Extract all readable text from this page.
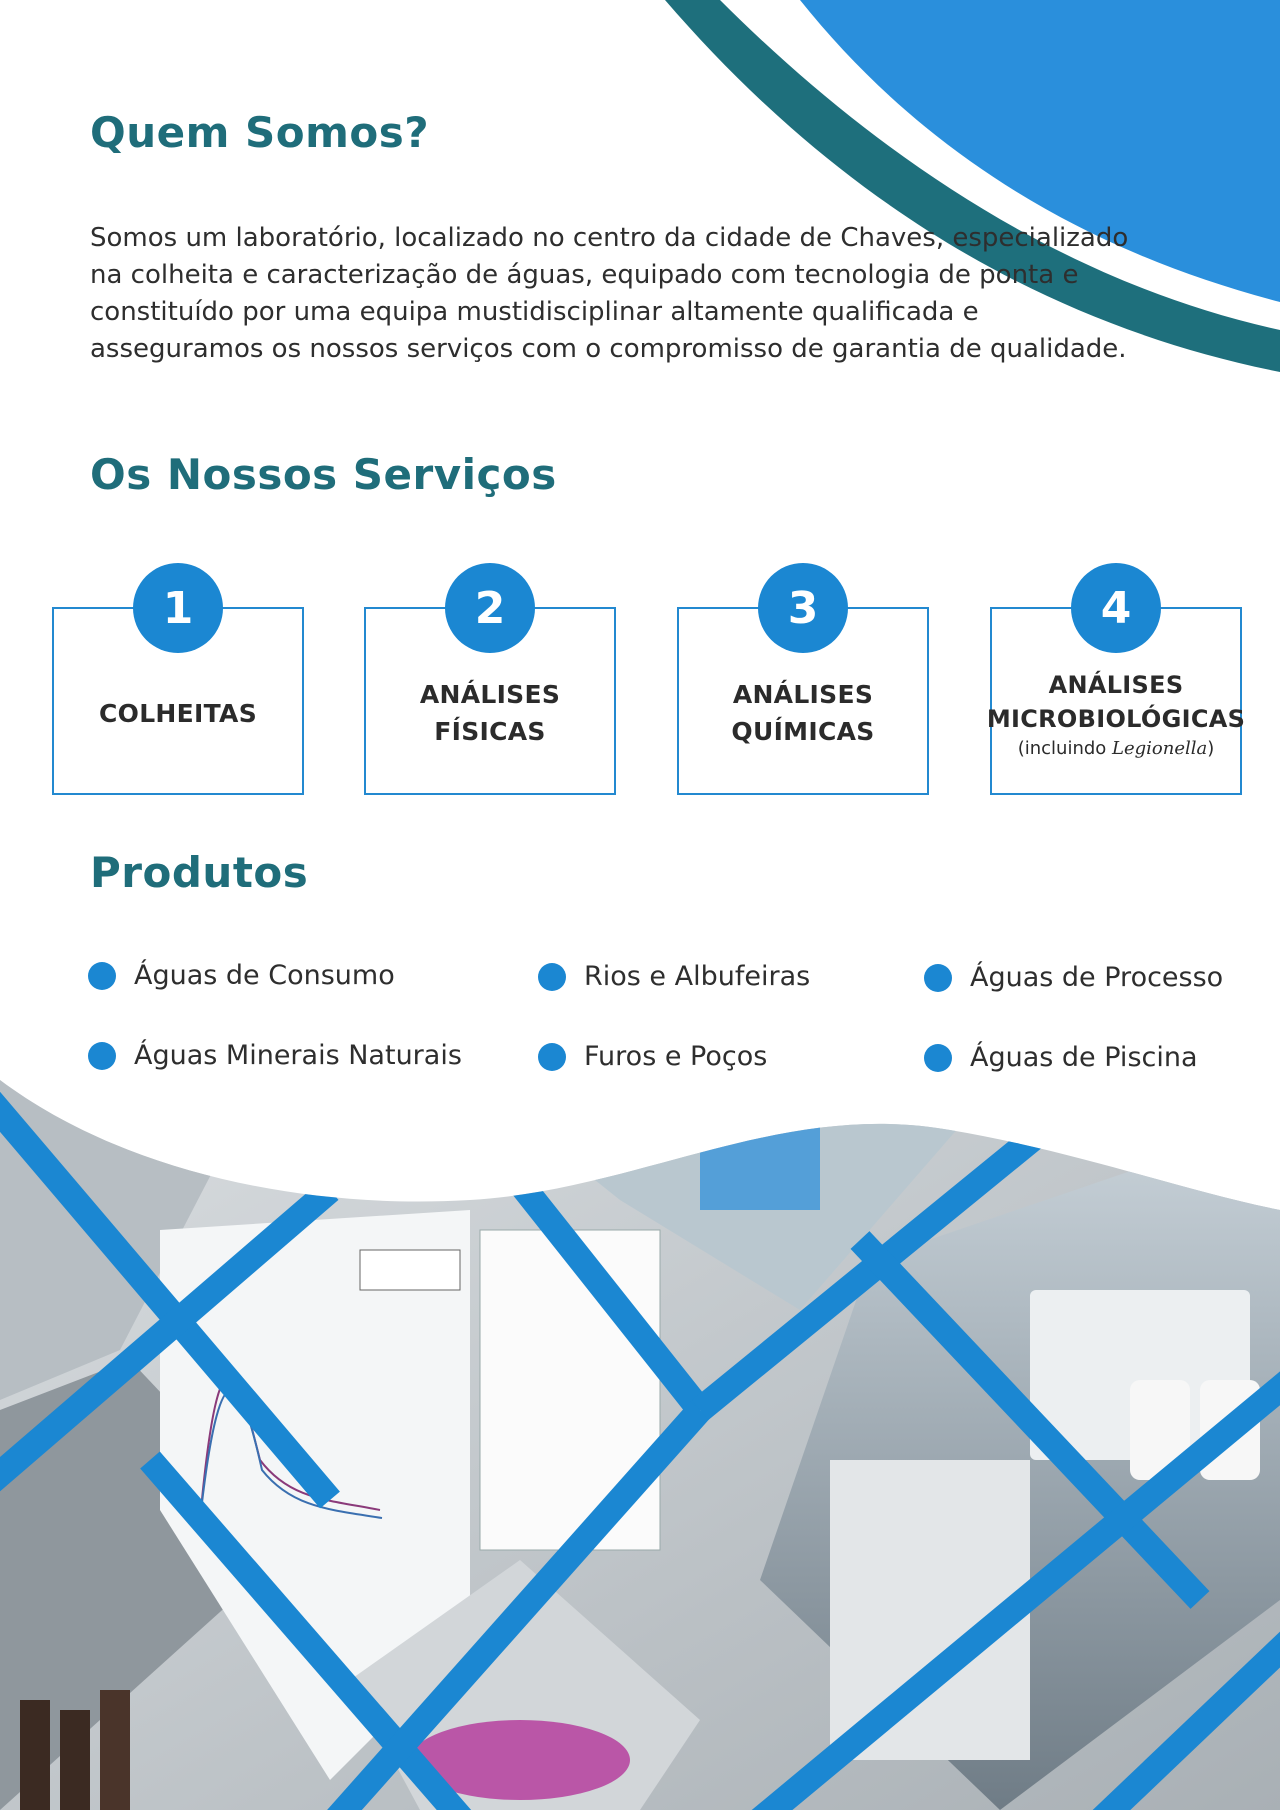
Quem Somos?

Somos um laboratório, localizado no centro da cidade de Chaves, especializado na colheita e caracterização de águas, equipado com tecnologia de ponta e constituído por uma equipa mustidisciplinar altamente qualificada e asseguramos os nossos serviços com o compromisso de garantia de qualidade.

Os Nossos Serviços
1
COLHEITAS
2
ANÁLISES
FÍSICAS
3
ANÁLISES
QUÍMICAS
4
ANÁLISES
MICROBIOLÓGICAS
(incluindo Legionella)
Produtos
Águas de Consumo	Rios e Albufeiras	Águas de Processo
Águas Minerais Naturais	Furos e Poços	Águas de Piscina
